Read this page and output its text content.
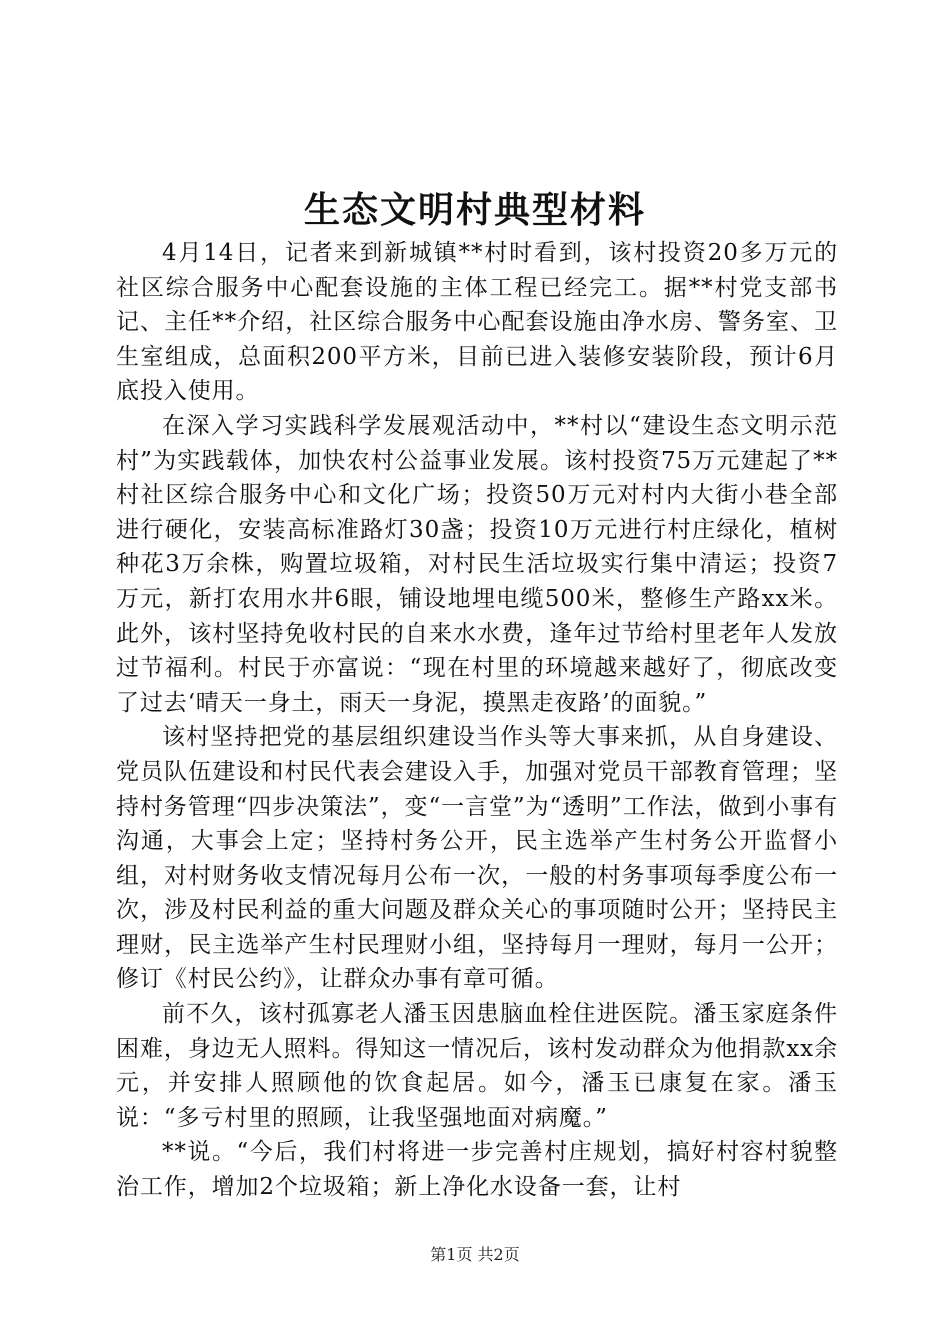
生态文明村典型材料

4月14日，记者来到新城镇**村时看到，该村投资20多万元的社区综合服务中心配套设施的主体工程已经完工。据**村党支部书记、主任**介绍，社区综合服务中心配套设施由净水房、警务室、卫生室组成，总面积200平方米，目前已进入装修安装阶段，预计6月底投入使用。

在深入学习实践科学发展观活动中，**村以“建设生态文明示范村”为实践载体，加快农村公益事业发展。该村投资75万元建起了**村社区综合服务中心和文化广场；投资50万元对村内大街小巷全部进行硬化，安装高标准路灯30盏；投资10万元进行村庄绿化，植树种花3万余株，购置垃圾箱，对村民生活垃圾实行集中清运；投资7万元，新打农用水井6眼，铺设地埋电缆500米，整修生产路xx米。此外，该村坚持免收村民的自来水水费，逢年过节给村里老年人发放过节福利。村民于亦富说：“现在村里的环境越来越好了，彻底改变了过去‘晴天一身土，雨天一身泥，摸黑走夜路’的面貌。”

该村坚持把党的基层组织建设当作头等大事来抓，从自身建设、党员队伍建设和村民代表会建设入手，加强对党员干部教育管理；坚持村务管理“四步决策法”，变“一言堂”为“透明”工作法，做到小事有沟通，大事会上定；坚持村务公开，民主选举产生村务公开监督小组，对村财务收支情况每月公布一次，一般的村务事项每季度公布一次，涉及村民利益的重大问题及群众关心的事项随时公开；坚持民主理财，民主选举产生村民理财小组，坚持每月一理财，每月一公开；修订《村民公约》，让群众办事有章可循。

前不久，该村孤寡老人潘玉因患脑血栓住进医院。潘玉家庭条件困难，身边无人照料。得知这一情况后，该村发动群众为他捐款xx余元，并安排人照顾他的饮食起居。如今，潘玉已康复在家。潘玉说：“多亏村里的照顾，让我坚强地面对病魔。”

**说。“今后，我们村将进一步完善村庄规划，搞好村容村貌整治工作，增加2个垃圾箱；新上净化水设备一套，让村

第1页 共2页
